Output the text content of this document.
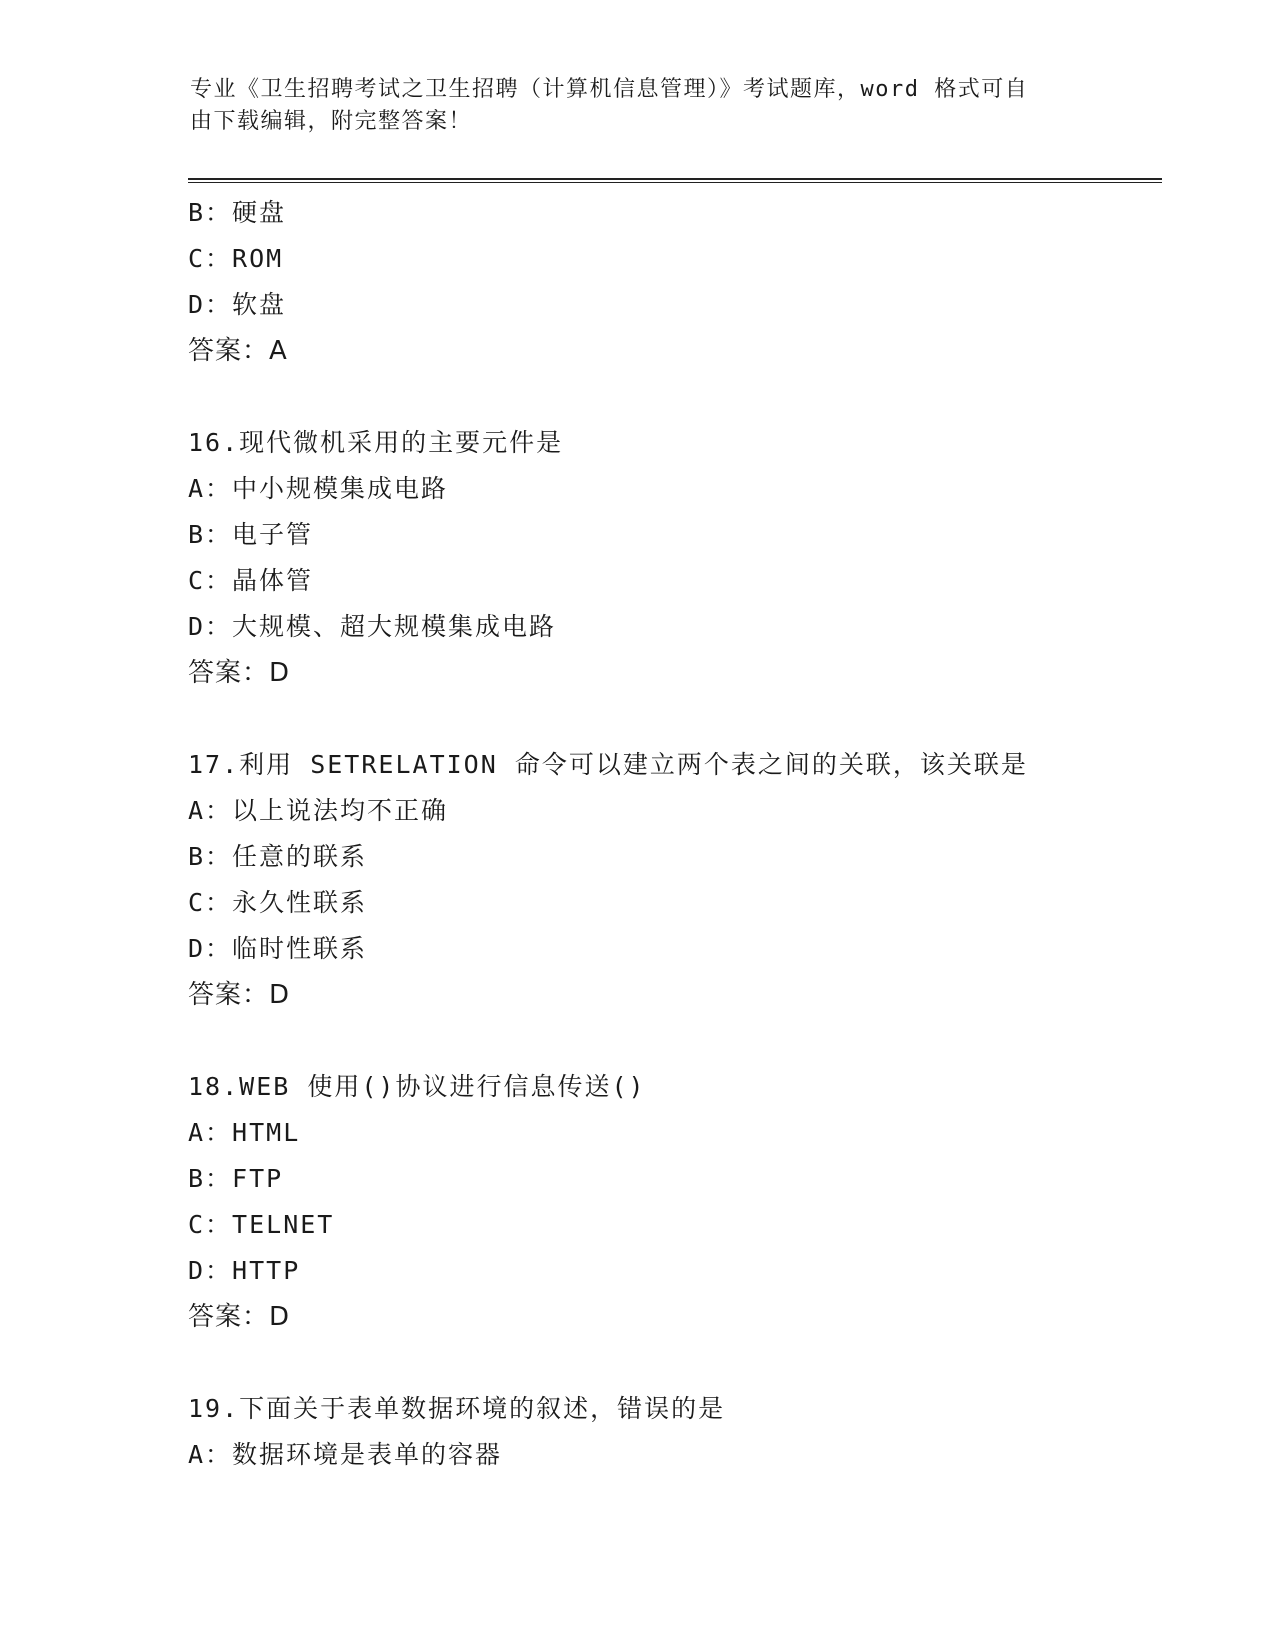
专业《卫生招聘考试之卫生招聘（计算机信息管理）》考试题库，word 格式可自
由下载编辑，附完整答案！
B：硬盘
C：ROM
D：软盘
答案：A
16.现代微机采用的主要元件是
A：中小规模集成电路
B：电子管
C：晶体管
D：大规模、超大规模集成电路
答案：D
17.利用 SETRELATION 命令可以建立两个表之间的关联，该关联是
A：以上说法均不正确
B：任意的联系
C：永久性联系
D：临时性联系
答案：D
18.WEB 使用()协议进行信息传送()
A：HTML
B：FTP
C：TELNET
D：HTTP
答案：D
19.下面关于表单数据环境的叙述，错误的是
A：数据环境是表单的容器
